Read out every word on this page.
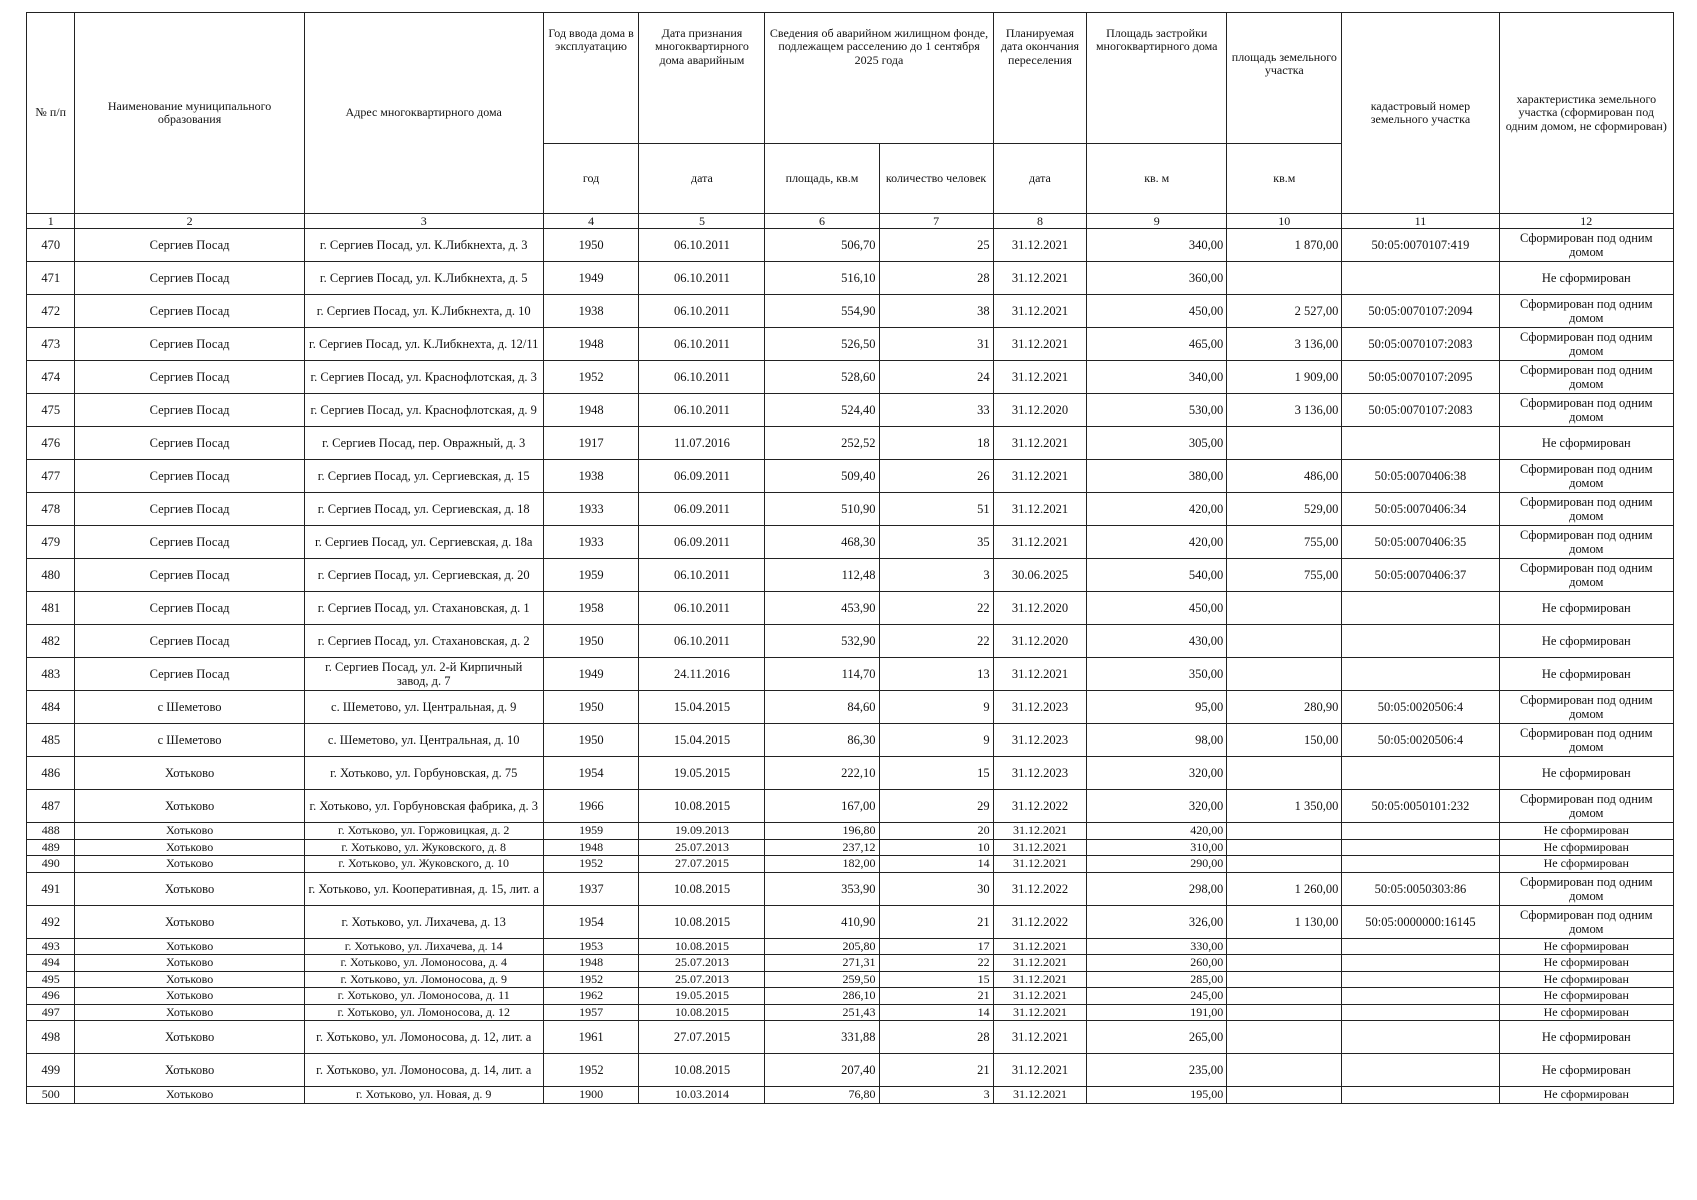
№ п/п	Наименование муниципального образования	Адрес многоквартирного дома	Год ввода дома в эксплуатацию	Дата признания многоквартирного дома аварийным	Сведения об аварийном жилищном фонде, подлежащем расселению до 1 сентября 2025 года		Планируемая дата окончания переселения	Площадь застройки многоквартирного дома	площадь земельного участка	кадастровый номер земельного участка	характеристика земельного участка (сформирован под одним домом, не сформирован)
			год	дата	площадь, кв.м	количество человек	дата	кв. м	кв.м		
1	2	3	4	5	6	7	8	9	10	11	12
470	Сергиев Посад	г. Сергиев Посад, ул. К.Либкнехта, д. 3	1950	06.10.2011	506,70	25	31.12.2021	340,00	1 870,00	50:05:0070107:419	Сформирован под одним домом
471	Сергиев Посад	г. Сергиев Посад, ул. К.Либкнехта, д. 5	1949	06.10.2011	516,10	28	31.12.2021	360,00			Не сформирован
472	Сергиев Посад	г. Сергиев Посад, ул. К.Либкнехта, д. 10	1938	06.10.2011	554,90	38	31.12.2021	450,00	2 527,00	50:05:0070107:2094	Сформирован под одним домом
473	Сергиев Посад	г. Сергиев Посад, ул. К.Либкнехта, д. 12/11	1948	06.10.2011	526,50	31	31.12.2021	465,00	3 136,00	50:05:0070107:2083	Сформирован под одним домом
474	Сергиев Посад	г. Сергиев Посад, ул. Краснофлотская, д. 3	1952	06.10.2011	528,60	24	31.12.2021	340,00	1 909,00	50:05:0070107:2095	Сформирован под одним домом
475	Сергиев Посад	г. Сергиев Посад, ул. Краснофлотская, д. 9	1948	06.10.2011	524,40	33	31.12.2020	530,00	3 136,00	50:05:0070107:2083	Сформирован под одним домом
476	Сергиев Посад	г. Сергиев Посад, пер. Овражный, д. 3	1917	11.07.2016	252,52	18	31.12.2021	305,00			Не сформирован
477	Сергиев Посад	г. Сергиев Посад, ул. Сергиевская, д. 15	1938	06.09.2011	509,40	26	31.12.2021	380,00	486,00	50:05:0070406:38	Сформирован под одним домом
478	Сергиев Посад	г. Сергиев Посад, ул. Сергиевская, д. 18	1933	06.09.2011	510,90	51	31.12.2021	420,00	529,00	50:05:0070406:34	Сформирован под одним домом
479	Сергиев Посад	г. Сергиев Посад, ул. Сергиевская, д. 18а	1933	06.09.2011	468,30	35	31.12.2021	420,00	755,00	50:05:0070406:35	Сформирован под одним домом
480	Сергиев Посад	г. Сергиев Посад, ул. Сергиевская, д. 20	1959	06.10.2011	112,48	3	30.06.2025	540,00	755,00	50:05:0070406:37	Сформирован под одним домом
481	Сергиев Посад	г. Сергиев Посад, ул. Стахановская, д. 1	1958	06.10.2011	453,90	22	31.12.2020	450,00			Не сформирован
482	Сергиев Посад	г. Сергиев Посад, ул. Стахановская, д. 2	1950	06.10.2011	532,90	22	31.12.2020	430,00			Не сформирован
483	Сергиев Посад	г. Сергиев Посад, ул. 2-й Кирпичный завод, д. 7	1949	24.11.2016	114,70	13	31.12.2021	350,00			Не сформирован
484	с Шеметово	с. Шеметово, ул. Центральная, д. 9	1950	15.04.2015	84,60	9	31.12.2023	95,00	280,90	50:05:0020506:4	Сформирован под одним домом
485	с Шеметово	с. Шеметово, ул. Центральная, д. 10	1950	15.04.2015	86,30	9	31.12.2023	98,00	150,00	50:05:0020506:4	Сформирован под одним домом
486	Хотьково	г. Хотьково, ул. Горбуновская, д. 75	1954	19.05.2015	222,10	15	31.12.2023	320,00			Не сформирован
487	Хотьково	г. Хотьково, ул. Горбуновская фабрика, д. 3	1966	10.08.2015	167,00	29	31.12.2022	320,00	1 350,00	50:05:0050101:232	Сформирован под одним домом
488	Хотьково	г. Хотьково, ул. Горжовицкая, д. 2	1959	19.09.2013	196,80	20	31.12.2021	420,00			Не сформирован
489	Хотьково	г. Хотьково, ул. Жуковского, д. 8	1948	25.07.2013	237,12	10	31.12.2021	310,00			Не сформирован
490	Хотьково	г. Хотьково, ул. Жуковского, д. 10	1952	27.07.2015	182,00	14	31.12.2021	290,00			Не сформирован
491	Хотьково	г. Хотьково, ул. Кооперативная, д. 15, лит. а	1937	10.08.2015	353,90	30	31.12.2022	298,00	1 260,00	50:05:0050303:86	Сформирован под одним домом
492	Хотьково	г. Хотьково, ул. Лихачева, д. 13	1954	10.08.2015	410,90	21	31.12.2022	326,00	1 130,00	50:05:0000000:16145	Сформирован под одним домом
493	Хотьково	г. Хотьково, ул. Лихачева, д. 14	1953	10.08.2015	205,80	17	31.12.2021	330,00			Не сформирован
494	Хотьково	г. Хотьково, ул. Ломоносова, д. 4	1948	25.07.2013	271,31	22	31.12.2021	260,00			Не сформирован
495	Хотьково	г. Хотьково, ул. Ломоносова, д. 9	1952	25.07.2013	259,50	15	31.12.2021	285,00			Не сформирован
496	Хотьково	г. Хотьково, ул. Ломоносова, д. 11	1962	19.05.2015	286,10	21	31.12.2021	245,00			Не сформирован
497	Хотьково	г. Хотьково, ул. Ломоносова, д. 12	1957	10.08.2015	251,43	14	31.12.2021	191,00			Не сформирован
498	Хотьково	г. Хотьково, ул. Ломоносова, д. 12, лит. а	1961	27.07.2015	331,88	28	31.12.2021	265,00			Не сформирован
499	Хотьково	г. Хотьково, ул. Ломоносова, д. 14, лит. а	1952	10.08.2015	207,40	21	31.12.2021	235,00			Не сформирован
500	Хотьково	г. Хотьково, ул. Новая, д. 9	1900	10.03.2014	76,80	3	31.12.2021	195,00			Не сформирован
